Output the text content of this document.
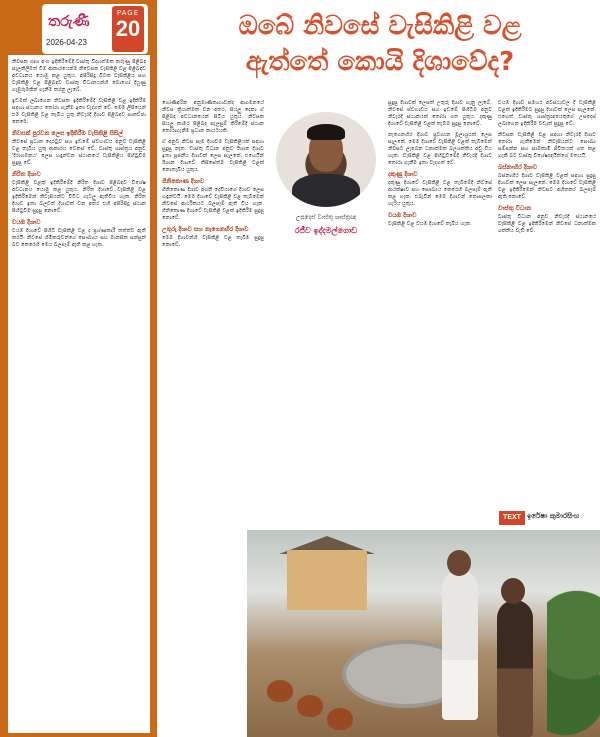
තරුණී	PAGE
20
2026-04-23

නිවසක ගෘහ අංග ඉදිකිරීමේදී වාස්තු විද්‍යාත්මක කරුණු පිළිබඳ සැලකිලිමත් වීම ආකාරයෙන්ම නිවෙසක වැසිකිළි වළ පිළිබඳව අවධානය යොමු කළ යුතුය. අපිරිසිදු බිටක වැසිකිළිය සහ වැසිකිළි වළ පිළිබඳව වාස්තු විධානයන්හි බොහෝ දියුණු ගැඹුරුමකින් ගැනීම කරනු ලැබේ.

ඉඩමක් ලබාගෙන නිවසක ඉදිකිරීමේදී වැසිකිළි වළ ඉදිකිරීම සඳහා ස්ථානය තෝරා ගැනීම ඉතා වැදගත් වේ. මෙම ලිපියෙන් එම වැසිකිළි වළ තැබිය යුතු නිවැරදි දිශාව පිළිබඳව සාකච්ඡා කෙරේ.

නිවසක් පුරවන ලෙස ඉදිකිරීම වැසිකිළි සිසිල්

නිවසේ ප්‍රධාන දොරටුව සහ ඉඩමේ ස්වභාවය අනුව වැසිකිළි වළ තැබිය යුතු ආකාරය වෙනස් වේ. වාස්තු ශාස්ත්‍රය අනුව 'දිරාගමනය' ලෙස හඳුන්වන ස්ථානයේ වැසිකිළිය පිහිටුවීම සුදුසු වේ.

නිරිත දිශාව

වැසිකිළි වළක් ඉදිකිරීමේදී නිරිත දිශාව පිළිබඳව විශේෂ අවධානය යොමු කළ යුතුය. නිරිත දිශාවේ වැසිකිළි වළ ඉදිකිරීමෙන් නිවැසියන්ට විවිධ ගැටලු ඇතිවිය හැක. නිරිත දිශාව ඉතා බලවත් දිශාවක් වන අතර එහි අපිරිසිදු ස්ථාන පිහිටුවීම සුදුසු නොවේ.

වයඹ දිශාව

වයඹ දිශාවේ පිහිටි වැසිකිළි වළ ද ප්‍රශ්ණකාරී තත්ත්ව ඇති කරයි. නිවසේ හිමිකරුවන්ගේ සෞඛ්‍යය සහ මානසික සන්සුන් බව කෙරෙහි මෙය බලපෑම් ඇති කළ හැක.

ඔබේ නිවසේ වැසිකිළි වළ
ඇත්තේ කොයි දිශාවේද?

ගෝණිඅරින අනුමාණිකාගාවක්ද ආගමනයේ නිවස ක්‍රියාත්මක වන අතර, සියලු දෙනා ඒ පිළිබඳ අවධානයෙන් සිටිය යුතුය. නිවසක සියලු කාමර පිළිබඳ සැලසුම් කිරීමේදී ස්ථාන තෝරාගැනීම ප්‍රධාන කාර්යයකි.

ඒ අනුව නිවස සෑම දිශාවම වැසිකිළියක් සඳහා සුදුසු නැත. වාස්තු විධාන අනුව ඊශාන දිශාව ඉතා පූජනීය දිශාවක් ලෙස සැලකේ. එහෙයින් ඊශාන දිශාවේ කිසිසේත්ම වැසිකිළි වළක් නොතැබිය යුතුය.

ගිනිකොණ දිශාව

ගිනිකොණ දිශාව අග්නි දේවියාගේ දිශාව ලෙස හඳුන්වයි. මෙම දිශාවේ වැසිකිළි වළ තැබීමෙන් නිවසේ ආර්ථිකයට බලපෑම් ඇති විය හැක. ගිනිකොණ දිශාවේ වැසිකිළි වළක් ඉදිකිරීම සුදුසු නොවේ.

උතුරු දිශාව සහ නැගෙනහිර දිශාව

මෙම දිශාවන්හි වැසිකිළි වළ තැබීම සුදුසු නොවේ.

උපදෙස් වාස්තු ශාස්ත්‍රඥ
රජීව ඉද්දමල්ගොඩ

සුදුසු දිශාවක් ලෙසත් උතුරු දිශාව ගැනු ලැබේ. නිවසේ ස්වභාවය සහ ඉඩමේ පිහිටීම අනුව නිවැරදි ස්ථානයක් තෝරා ගත යුතුය. දකුණු දිශාවේ වැසිකිළි වළක් තැබීම සුදුසු නොවේ.

නැගෙනහිර දිශාව ප්‍රවාහන මූලාශ්‍රයක් ලෙස සැලකේ. මෙම දිශාවේ වැසිකිළි වළක් තැබීමෙන් නිවසට ලැබෙන ධනාත්මක බලශක්තිය අඩු විය හැක. වැසිකිළි වළ පිහිටුවීමේදී නිවැරදි දිශාව තෝරා ගැනීම ඉතා වැදගත් වේ.

දකුණු දිශාව

දකුණු දිශාවේ වැසිකිළි වළ තැබීමේදී නිවසේ ආරක්ෂාව සහ සෞඛ්‍යය කෙරෙහි බලපෑම් ඇති කළ හැක. එබැවින් මෙම දිශාවන් නොසලකා හැරිය යුතුය.

වයඹ දිශාව

වැසිකිළි වළ වයඹ දිශාවේ තැබිය හැක.

වයඹ දිශාව සමහර අවස්ථාවල දී වැසිකිළි වළක් ඉදිකිරීමට සුදුසු දිශාවක් ලෙස සැලකේ. එහෙත් වාස්තු ශාස්ත්‍රඥයෙකුගේ උපදෙස් ලබාගෙන ඉදිකිරීම වඩාත් සුදුසු වේ.

නිවසක වැසිකිළි වළ සඳහා නිවැරදි දිශාව තෝරා ගැනීමෙන් නිවැසියන්ට සෞඛ්‍ය සම්පන්න සහ සාමකාමී ජීවිතයක් ගත කළ හැකි බව වාස්තු විශේෂඥයින්ගේ මතයයි.

බස්නාහිර දිශාව

බස්නාහිර දිශාව වැසිකිළි වළක් සඳහා සුදුසු දිශාවක් ලෙස සැලකේ. මෙම දිශාවේ වැසිකිළි වළ ඉදිකිරීමෙන් නිවසට අහිතකර බලපෑම් ඇති නොවේ.

වාස්තු විධාන

වාස්තු විධාන අනුව නිවැරදි ස්ථානයේ වැසිකිළි වළ ඉදිකිරීමෙන් නිවසේ ධනාත්මක ශක්තිය වැඩි වේ.

TEXT ඉරේෂා කුමාරසිංහ
